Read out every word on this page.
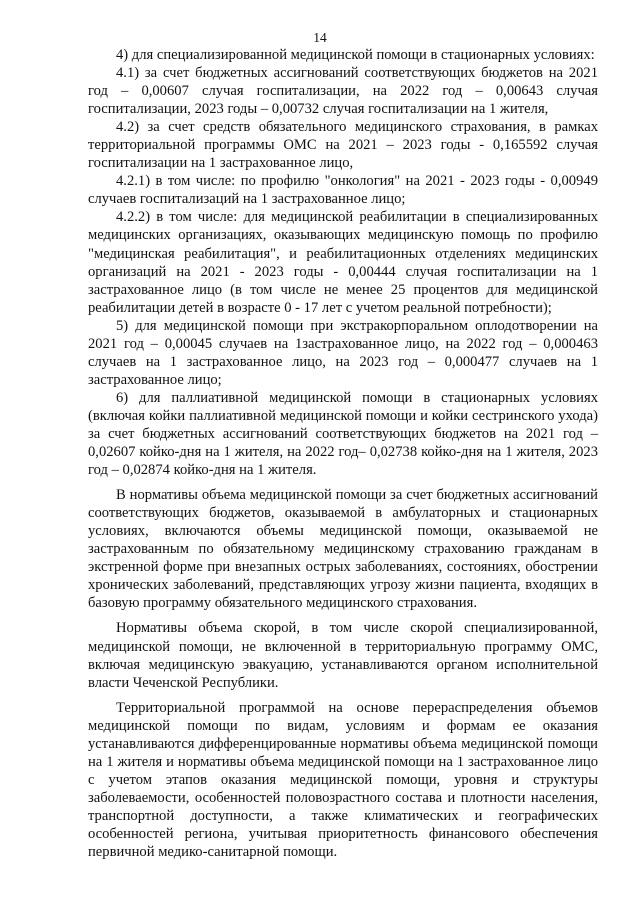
14

4) для специализированной медицинской помощи в стационарных условиях:

4.1) за счет бюджетных ассигнований соответствующих бюджетов на 2021 год – 0,00607 случая госпитализации, на 2022 год – 0,00643 случая госпитализации, 2023 годы – 0,00732 случая госпитализации на 1 жителя,

4.2) за счет средств обязательного медицинского страхования, в рамках территориальной программы ОМС на 2021 – 2023 годы - 0,165592 случая госпитализации на 1 застрахованное лицо,

4.2.1) в том числе: по профилю "онкология" на 2021 - 2023 годы - 0,00949 случаев госпитализаций на 1 застрахованное лицо;

4.2.2) в том числе: для медицинской реабилитации в специализированных медицинских организациях, оказывающих медицинскую помощь по профилю "медицинская реабилитация", и реабилитационных отделениях медицинских организаций на 2021 - 2023 годы - 0,00444 случая госпитализации на 1 застрахованное лицо (в том числе не менее 25 процентов для медицинской реабилитации детей в возрасте 0 - 17 лет с учетом реальной потребности);

5) для медицинской помощи при экстракорпоральном оплодотворении на 2021 год – 0,00045 случаев на 1застрахованное лицо, на 2022 год – 0,000463 случаев на 1 застрахованное лицо, на 2023 год – 0,000477 случаев на 1 застрахованное лицо;

6) для паллиативной медицинской помощи в стационарных условиях (включая койки паллиативной медицинской помощи и койки сестринского ухода) за счет бюджетных ассигнований соответствующих бюджетов на 2021 год – 0,02607 койко-дня на 1 жителя, на 2022 год– 0,02738 койко-дня на 1 жителя, 2023 год – 0,02874 койко-дня на 1 жителя.

В нормативы объема медицинской помощи за счет бюджетных ассигнований соответствующих бюджетов, оказываемой в амбулаторных и стационарных условиях, включаются объемы медицинской помощи, оказываемой не застрахованным по обязательному медицинскому страхованию гражданам в экстренной форме при внезапных острых заболеваниях, состояниях, обострении хронических заболеваний, представляющих угрозу жизни пациента, входящих в базовую программу обязательного медицинского страхования.

Нормативы объема скорой, в том числе скорой специализированной, медицинской помощи, не включенной в территориальную программу ОМС, включая медицинскую эвакуацию, устанавливаются органом исполнительной власти Чеченской Республики.

Территориальной программой на основе перераспределения объемов медицинской помощи по видам, условиям и формам ее оказания устанавливаются дифференцированные нормативы объема медицинской помощи на 1 жителя и нормативы объема медицинской помощи на 1 застрахованное лицо с учетом этапов оказания медицинской помощи, уровня и структуры заболеваемости, особенностей половозрастного состава и плотности населения, транспортной доступности, а также климатических и географических особенностей региона, учитывая приоритетность финансового обеспечения первичной медико-санитарной помощи.
